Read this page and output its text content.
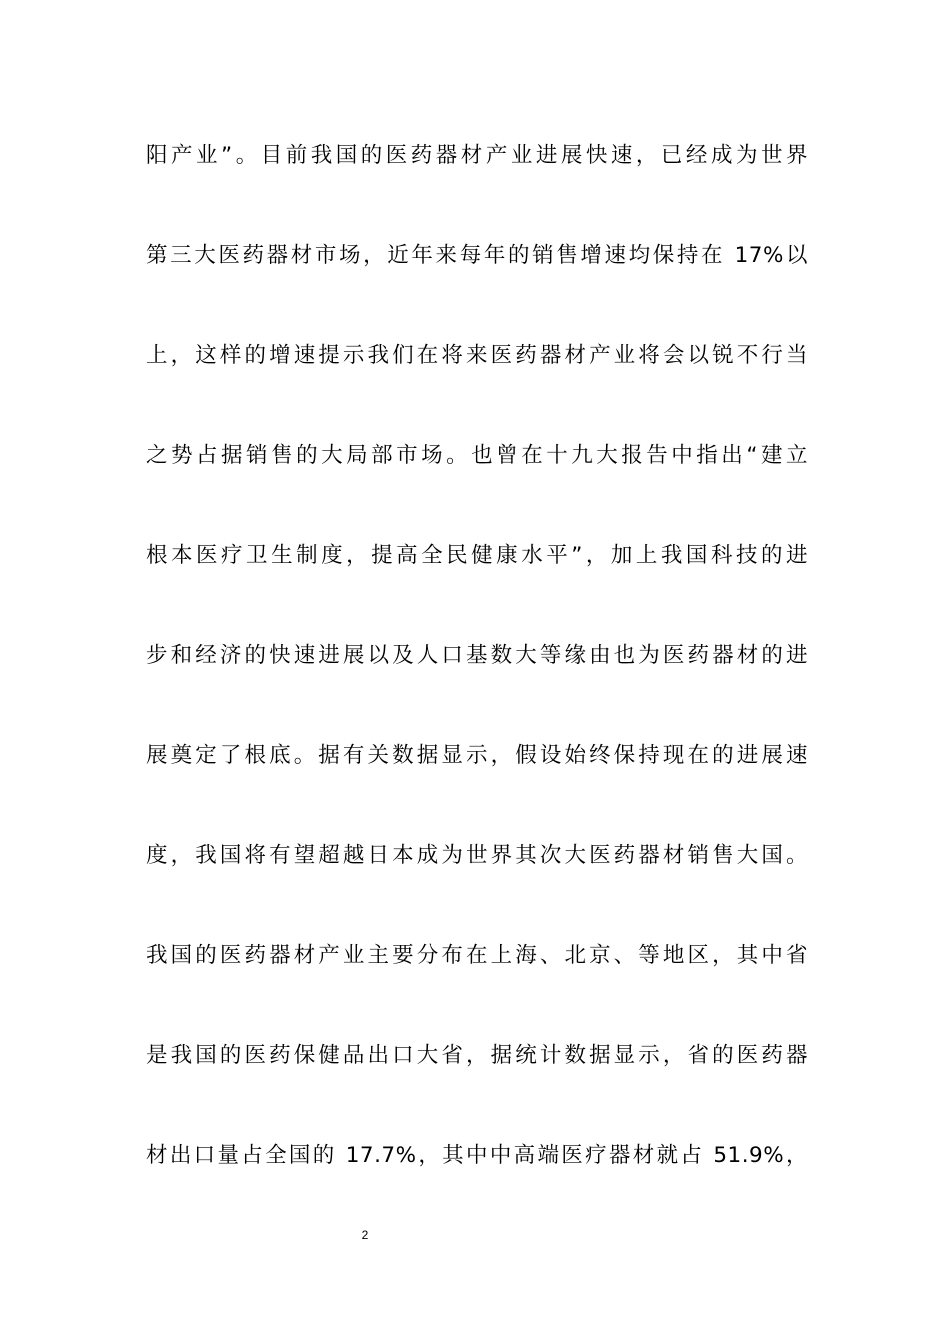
阳产业”。目前我国的医药器材产业进展快速，已经成为世界
第三大医药器材市场，近年来每年的销售增速均保持在 17%以
上，这样的增速提示我们在将来医药器材产业将会以锐不行当
之势占据销售的大局部市场。也曾在十九大报告中指出“建立
根本医疗卫生制度，提高全民健康水平”，加上我国科技的进
步和经济的快速进展以及人口基数大等缘由也为医药器材的进
展奠定了根底。据有关数据显示，假设始终保持现在的进展速
度，我国将有望超越日本成为世界其次大医药器材销售大国。
我国的医药器材产业主要分布在上海、北京、等地区，其中省
是我国的医药保健品出口大省，据统计数据显示，省的医药器
材出口量占全国的 17.7%，其中中高端医疗器材就占 51.9%，
2
